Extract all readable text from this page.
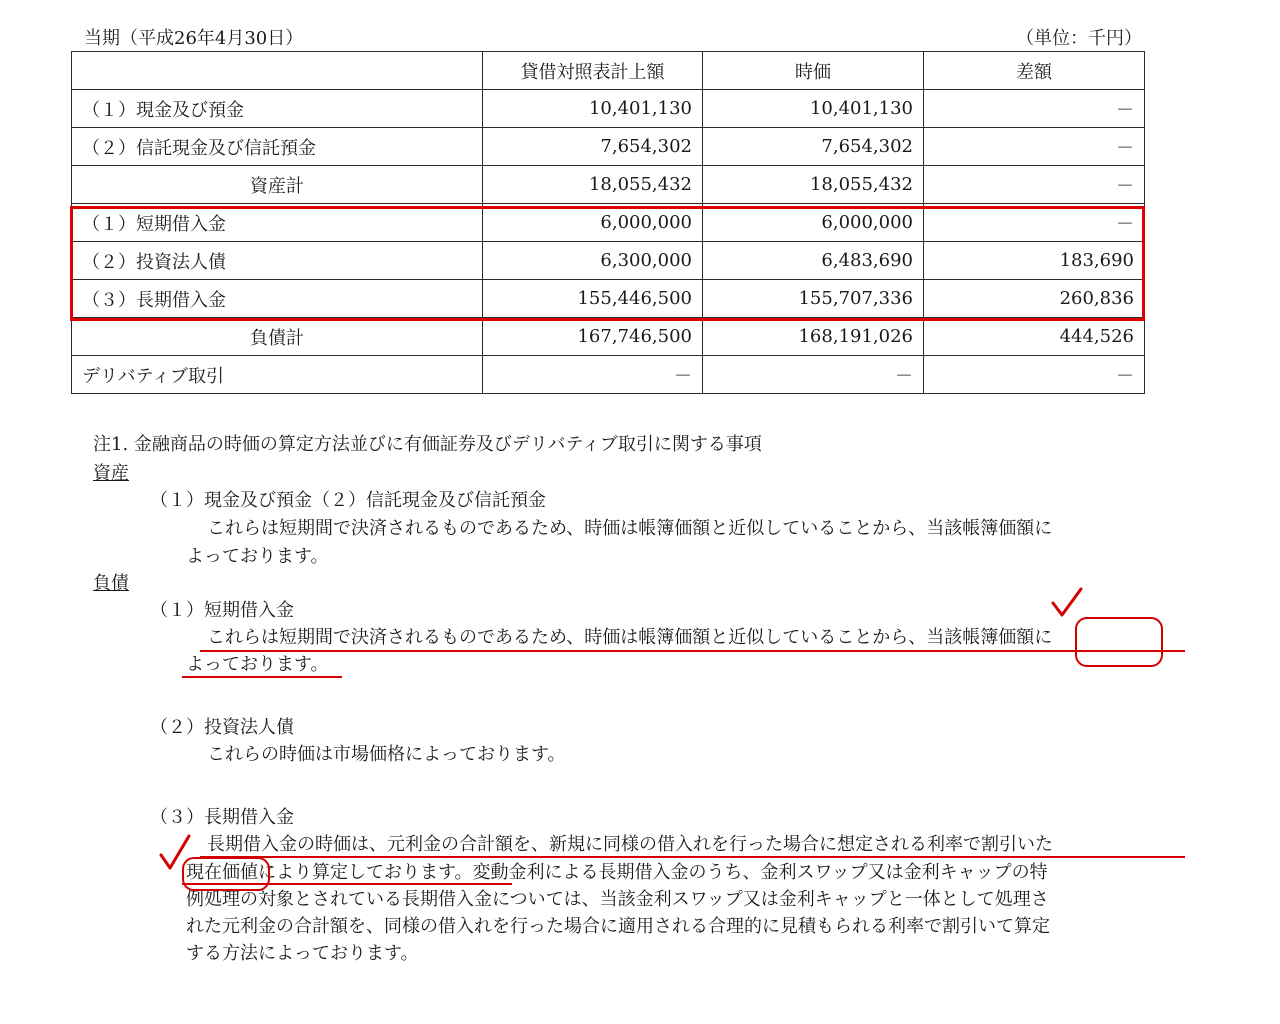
当期（平成26年4月30日）	（単位：千円）
	貸借対照表計上額	時価	差額
（１）現金及び預金	10,401,130	10,401,130	－
（２）信託現金及び信託預金	7,654,302	7,654,302	－
資産計	18,055,432	18,055,432	－
（１）短期借入金	6,000,000	6,000,000	－
（２）投資法人債	6,300,000	6,483,690	183,690
（３）長期借入金	155,446,500	155,707,336	260,836
負債計	167,746,500	168,191,026	444,526
デリバティブ取引	－	－	－
注1. 金融商品の時価の算定方法並びに有価証券及びデリバティブ取引に関する事項
資産
（１）現金及び預金（２）信託現金及び信託預金
これらは短期間で決済されるものであるため、時価は帳簿価額と近似していることから、当該帳簿価額に
よっております。
負債
（１）短期借入金
これらは短期間で決済されるものであるため、時価は帳簿価額と近似していることから、当該帳簿価額に
よっております。
（２）投資法人債
これらの時価は市場価格によっております。
（３）長期借入金
長期借入金の時価は、元利金の合計額を、新規に同様の借入れを行った場合に想定される利率で割引いた
現在価値により算定しております。変動金利による長期借入金のうち、金利スワップ又は金利キャップの特
例処理の対象とされている長期借入金については、当該金利スワップ又は金利キャップと一体として処理さ
れた元利金の合計額を、同様の借入れを行った場合に適用される合理的に見積もられる利率で割引いて算定
する方法によっております。
